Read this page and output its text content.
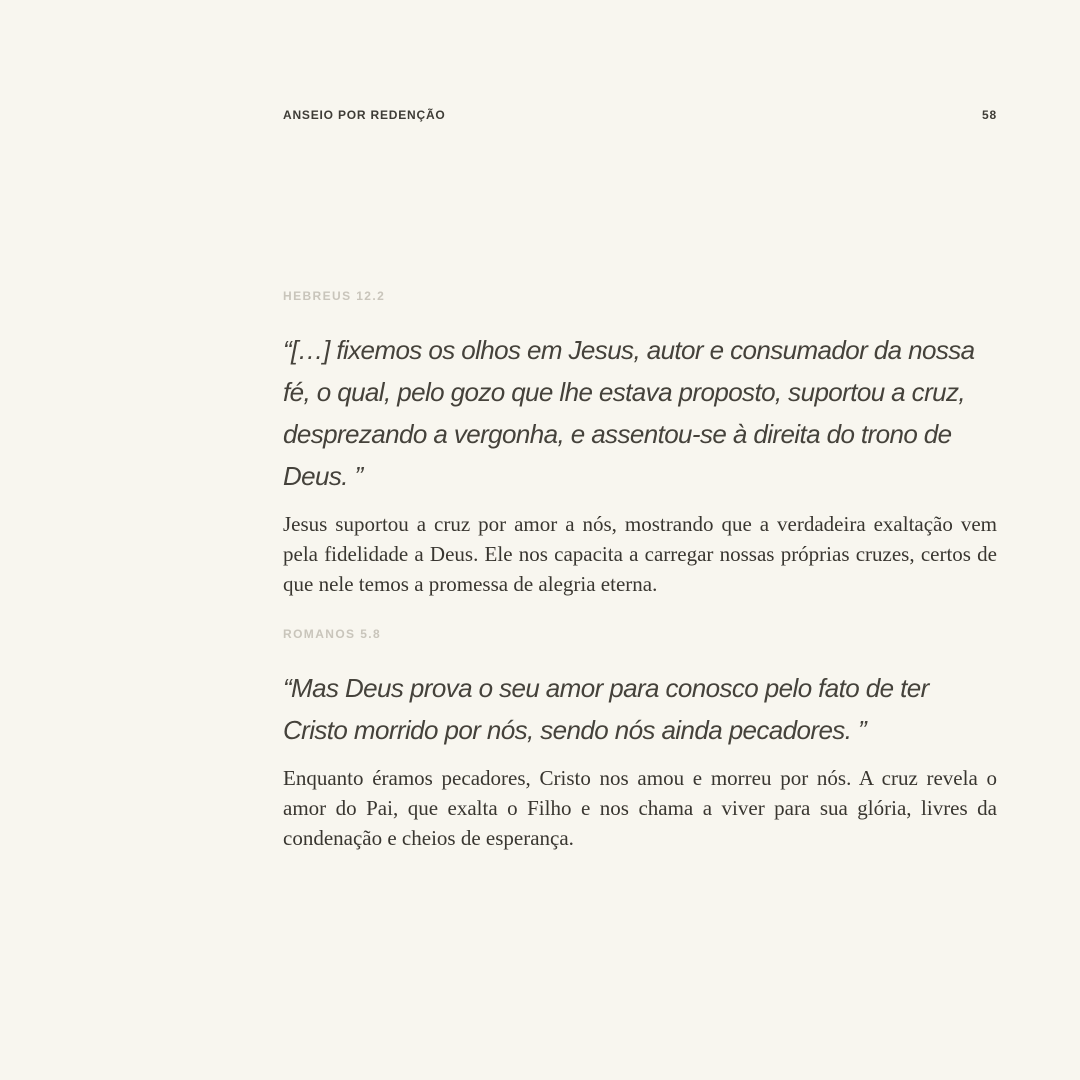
ANSEIO POR REDENÇÃO	58
HEBREUS 12.2
“[…] fixemos os olhos em Jesus, autor e consumador da nossa fé, o qual, pelo gozo que lhe estava proposto, suportou a cruz, desprezando a vergonha, e assentou-se à direita do trono de Deus. ”
Jesus suportou a cruz por amor a nós, mostrando que a verdadeira exaltação vem pela fidelidade a Deus. Ele nos capacita a carregar nossas próprias cruzes, certos de que nele temos a promessa de alegria eterna.
ROMANOS 5.8
“Mas Deus prova o seu amor para conosco pelo fato de ter Cristo morrido por nós, sendo nós ainda pecadores. ”
Enquanto éramos pecadores, Cristo nos amou e morreu por nós. A cruz revela o amor do Pai, que exalta o Filho e nos chama a viver para sua glória, livres da condenação e cheios de esperança.
